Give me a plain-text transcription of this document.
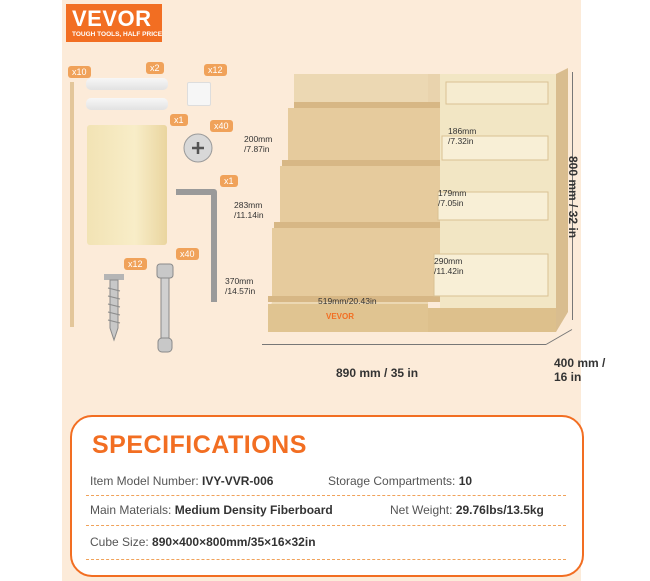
VEVOR
TOUGH TOOLS, HALF PRICE
x10	x2	x12
x1
x40
x1
x12
x40
VEVOR
200mm /7.87in
283mm /11.14in
370mm /14.57in
186mm /7.32in
179mm /7.05in
290mm /11.42in
519mm/20.43in
890 mm / 35 in
800 mm / 32 in
400 mm / 16 in
SPECIFICATIONS
Item Model Number: IVY-VVR-006	Storage Compartments: 10
Main Materials: Medium Density Fiberboard	Net Weight: 29.76lbs/13.5kg
Cube Size: 890×400×800mm/35×16×32in
